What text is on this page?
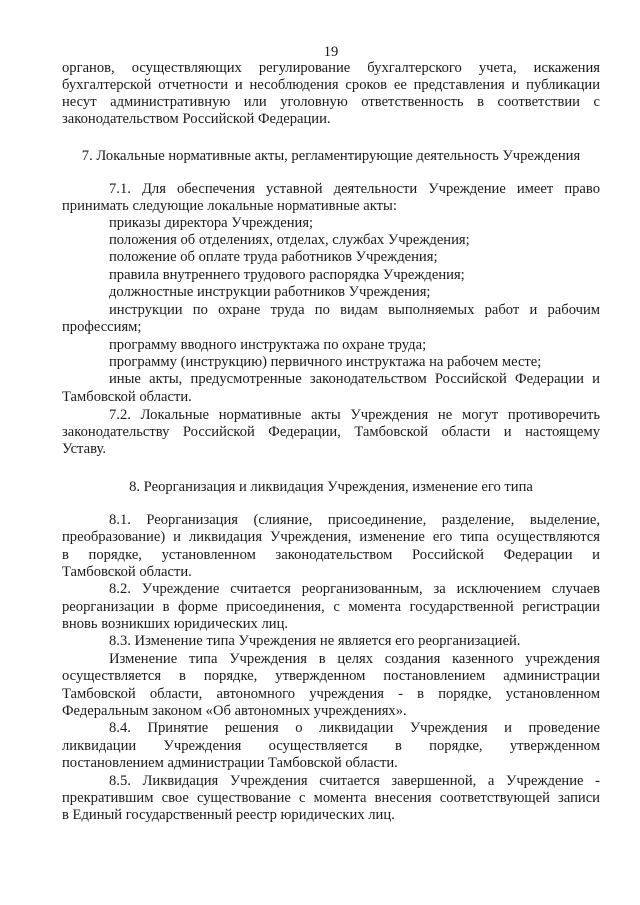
19
органов, осуществляющих регулирование бухгалтерского учета, искажения
бухгалтерской отчетности и несоблюдения сроков ее представления и публикации
несут административную или уголовную ответственность в соответствии с
законодательством Российской Федерации.
7. Локальные нормативные акты, регламентирующие деятельность Учреждения
7.1. Для обеспечения уставной деятельности Учреждение имеет право
принимать следующие локальные нормативные акты:
приказы директора Учреждения;
положения об отделениях, отделах, службах Учреждения;
положение об оплате труда работников Учреждения;
правила внутреннего трудового распорядка Учреждения;
должностные инструкции работников Учреждения;
инструкции по охране труда по видам выполняемых работ и рабочим
профессиям;
программу вводного инструктажа по охране труда;
программу (инструкцию) первичного инструктажа на рабочем месте;
иные акты, предусмотренные законодательством Российской Федерации и
Тамбовской области.
7.2. Локальные нормативные акты Учреждения не могут противоречить
законодательству Российской Федерации, Тамбовской области и настоящему
Уставу.
8. Реорганизация и ликвидация Учреждения, изменение его типа
8.1. Реорганизация (слияние, присоединение, разделение, выделение,
преобразование) и ликвидация Учреждения, изменение его типа осуществляются
в порядке, установленном законодательством Российской Федерации и
Тамбовской области.
8.2. Учреждение считается реорганизованным, за исключением случаев
реорганизации в форме присоединения, с момента государственной регистрации
вновь возникших юридических лиц.
8.3. Изменение типа Учреждения не является его реорганизацией.
Изменение типа Учреждения в целях создания казенного учреждения
осуществляется в порядке, утвержденном постановлением администрации
Тамбовской области, автономного учреждения - в порядке, установленном
Федеральным законом «Об автономных учреждениях».
8.4. Принятие решения о ликвидации Учреждения и проведение
ликвидации Учреждения осуществляется в порядке, утвержденном
постановлением администрации Тамбовской области.
8.5. Ликвидация Учреждения считается завершенной, а Учреждение -
прекратившим свое существование с момента внесения соответствующей записи
в Единый государственный реестр юридических лиц.
